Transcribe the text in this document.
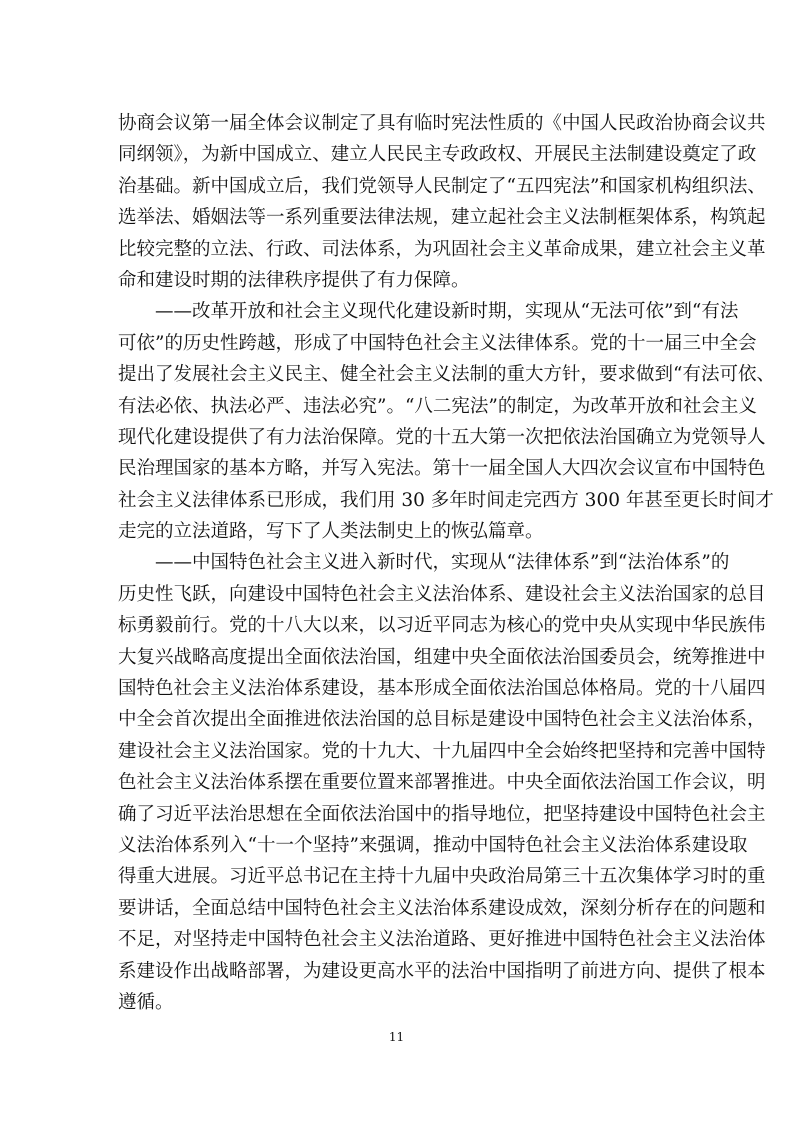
协商会议第一届全体会议制定了具有临时宪法性质的《中国人民政治协商会议共
同纲领》，为新中国成立、建立人民民主专政政权、开展民主法制建设奠定了政
治基础。新中国成立后，我们党领导人民制定了“五四宪法”和国家机构组织法、
选举法、婚姻法等一系列重要法律法规，建立起社会主义法制框架体系，构筑起
比较完整的立法、行政、司法体系，为巩固社会主义革命成果，建立社会主义革
命和建设时期的法律秩序提供了有力保障。
　　——改革开放和社会主义现代化建设新时期，实现从“无法可依”到“有法
可依”的历史性跨越，形成了中国特色社会主义法律体系。党的十一届三中全会
提出了发展社会主义民主、健全社会主义法制的重大方针，要求做到“有法可依、
有法必依、执法必严、违法必究”。“八二宪法”的制定，为改革开放和社会主义
现代化建设提供了有力法治保障。党的十五大第一次把依法治国确立为党领导人
民治理国家的基本方略，并写入宪法。第十一届全国人大四次会议宣布中国特色
社会主义法律体系已形成，我们用 30 多年时间走完西方 300 年甚至更长时间才
走完的立法道路，写下了人类法制史上的恢弘篇章。
　　——中国特色社会主义进入新时代，实现从“法律体系”到“法治体系”的
历史性飞跃，向建设中国特色社会主义法治体系、建设社会主义法治国家的总目
标勇毅前行。党的十八大以来，以习近平同志为核心的党中央从实现中华民族伟
大复兴战略高度提出全面依法治国，组建中央全面依法治国委员会，统筹推进中
国特色社会主义法治体系建设，基本形成全面依法治国总体格局。党的十八届四
中全会首次提出全面推进依法治国的总目标是建设中国特色社会主义法治体系，
建设社会主义法治国家。党的十九大、十九届四中全会始终把坚持和完善中国特
色社会主义法治体系摆在重要位置来部署推进。中央全面依法治国工作会议，明
确了习近平法治思想在全面依法治国中的指导地位，把坚持建设中国特色社会主
义法治体系列入“十一个坚持”来强调，推动中国特色社会主义法治体系建设取
得重大进展。习近平总书记在主持十九届中央政治局第三十五次集体学习时的重
要讲话，全面总结中国特色社会主义法治体系建设成效，深刻分析存在的问题和
不足，对坚持走中国特色社会主义法治道路、更好推进中国特色社会主义法治体
系建设作出战略部署，为建设更高水平的法治中国指明了前进方向、提供了根本
遵循。
11
